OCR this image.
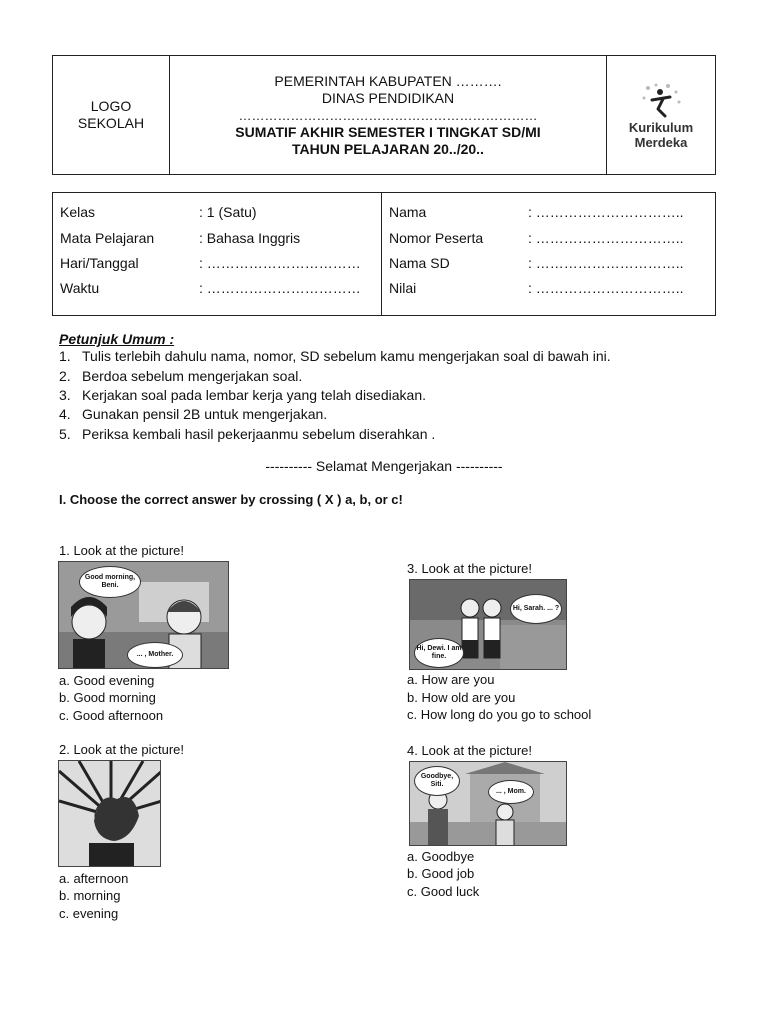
LOGO
SEKOLAH
PEMERINTAH KABUPATEN ……….
DINAS PENDIDIKAN
……………………………………………………………
SUMATIF AKHIR SEMESTER I TINGKAT SD/MI
TAHUN PELAJARAN 20../20..
Kurikulum
Merdeka
Kelas	: 1 (Satu)
Mata Pelajaran	: Bahasa Inggris
Hari/Tanggal	: ……………………………
Waktu	: ……………………………
Nama	: …………………………..
Nomor Peserta	: …………………………..
Nama SD	: …………………………..
Nilai	: …………………………..
Petunjuk Umum :
1. Tulis terlebih dahulu nama, nomor, SD sebelum kamu mengerjakan soal di bawah ini.
2. Berdoa sebelum mengerjakan soal.
3. Kerjakan soal pada lembar kerja yang telah disediakan.
4. Gunakan pensil 2B untuk mengerjakan.
5. Periksa kembali hasil pekerjaanmu sebelum diserahkan .
---------- Selamat Mengerjakan ----------
I. Choose the correct answer by crossing ( X ) a, b, or c!
1. Look at the picture!
Good morning, Beni.
... , Mother.
a. Good evening
b. Good morning
c. Good afternoon
2. Look at the picture!
a. afternoon
b. morning
c. evening
3. Look at the picture!
Hi, Sarah. ... ?
Hi, Dewi. I am fine.
a. How are you
b. How old are you
c. How long do you go to school
4. Look at the picture!
Goodbye, Siti.
... , Mom.
a. Goodbye
b. Good job
c. Good luck
